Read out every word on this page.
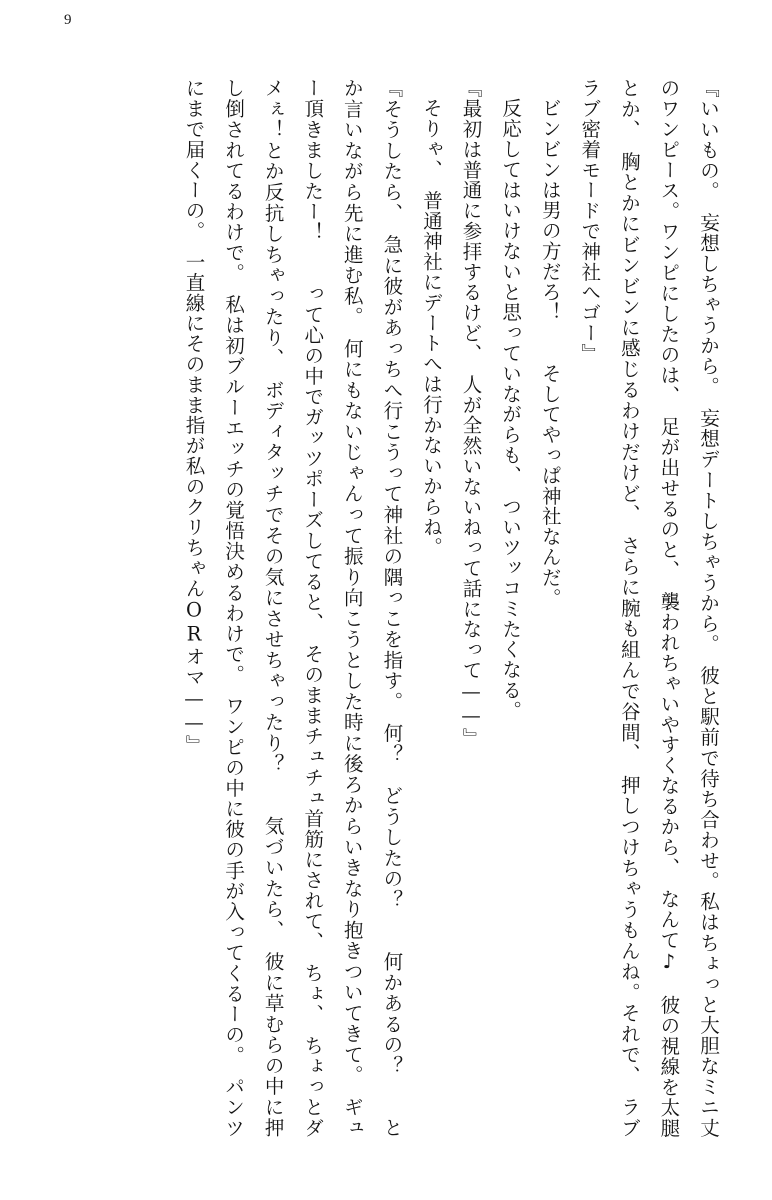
9

『いいもの。　妄想しちゃうから。　妄想デートしちゃうから。　彼と駅前で待ち合わせ。私はちょっと大胆なミニ丈のワンピース。ワンピにしたのは、　足が出せるのと、　襲われちゃいやすくなるから、　なんて♪　彼の視線を太腿とか、　胸とかにビンビンに感じるわけだけど、　さらに腕も組んで谷間、　押しつけちゃうもんね。それで、　ラブラブ密着モードで神社へゴー』

ビンビンは男の方だろ！　　そしてやっぱ神社なんだ。

反応してはいけないと思っていながらも、　ついツッコミたくなる。

『最初は普通に参拝するけど、　人が全然いないねって話になって——』

そりゃ、　普通神社にデートへは行かないからね。

『そうしたら、　急に彼があっちへ行こうって神社の隅っこを指す。　何？　どうしたの？　　何かあるの？　　とか言いながら先に進む私。　何にもないじゃんって振り向こうとした時に後ろからいきなり抱きついてきて。　ギュー頂きましたー！　　って心の中でガッツポーズしてると、　そのままチュチュ首筋にされて、　ちょ、　ちょっとダメぇ！とか反抗しちゃったり、　ボディタッチでその気にさせちゃったり？　　気づいたら、　彼に草むらの中に押し倒されてるわけで。　私は初ブルーエッチの覚悟決めるわけで。　ワンピの中に彼の手が入ってくるーの。　パンツにまで届くーの。　一直線にそのまま指が私のクリちゃんORオマ——』
